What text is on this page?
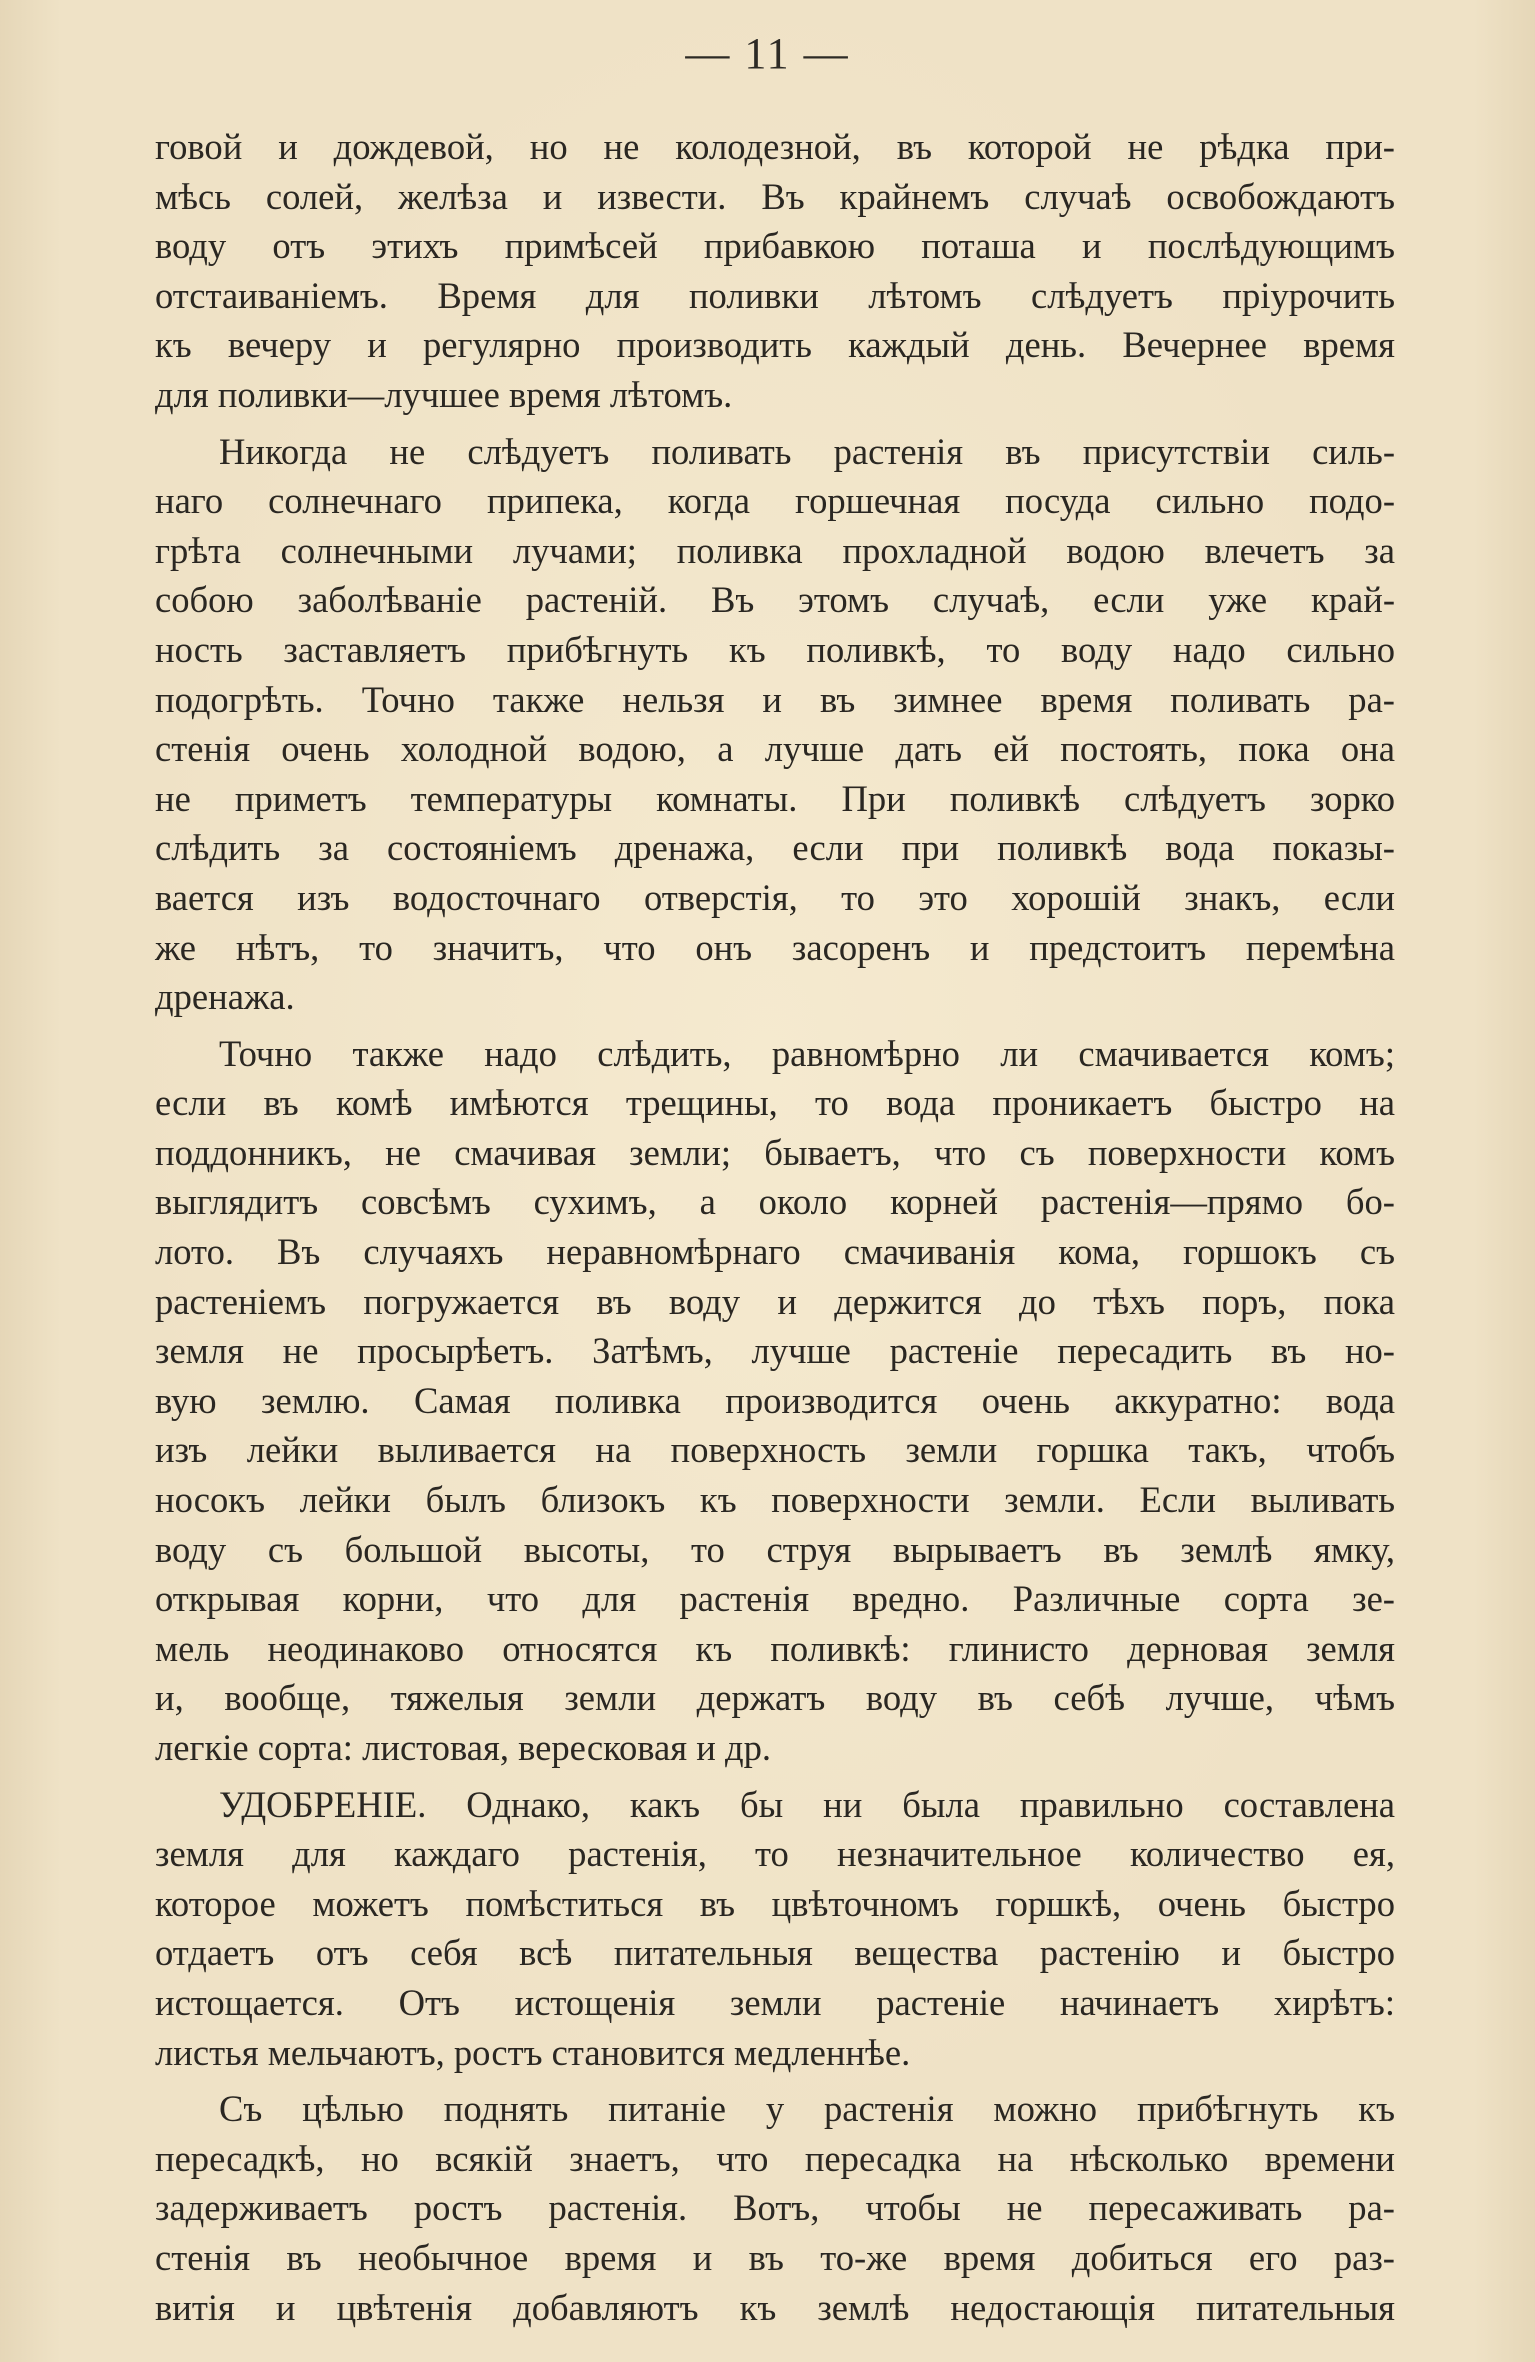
— 11 —
говой и дождевой, но не колодезной, въ которой не рѣдка при-
мѣсь солей, желѣза и извести. Въ крайнемъ случаѣ освобождаютъ
воду отъ этихъ примѣсей прибавкою поташа и послѣдующимъ
отстаиваніемъ. Время для поливки лѣтомъ слѣдуетъ пріурочить
къ вечеру и регулярно производить каждый день. Вечернее время
для поливки—лучшее время лѣтомъ.
Никогда не слѣдуетъ поливать растенія въ присутствіи силь-
наго солнечнаго припека, когда горшечная посуда сильно подо-
грѣта солнечными лучами; поливка прохладной водою влечетъ за
собою заболѣваніе растеній. Въ этомъ случаѣ, если уже край-
ность заставляетъ прибѣгнуть къ поливкѣ, то воду надо сильно
подогрѣть. Точно также нельзя и въ зимнее время поливать ра-
стенія очень холодной водою, а лучше дать ей постоять, пока она
не приметъ температуры комнаты. При поливкѣ слѣдуетъ зорко
слѣдить за состояніемъ дренажа, если при поливкѣ вода показы-
вается изъ водосточнаго отверстія, то это хорошій знакъ, если
же нѣтъ, то значитъ, что онъ засоренъ и предстоитъ перемѣна
дренажа.
Точно также надо слѣдить, равномѣрно ли смачивается комъ;
если въ комѣ имѣются трещины, то вода проникаетъ быстро на
поддонникъ, не смачивая земли; бываетъ, что съ поверхности комъ
выглядитъ совсѣмъ сухимъ, а около корней растенія—прямо бо-
лото. Въ случаяхъ неравномѣрнаго смачиванія кома, горшокъ съ
растеніемъ погружается въ воду и держится до тѣхъ поръ, пока
земля не просырѣетъ. Затѣмъ, лучше растеніе пересадить въ но-
вую землю. Самая поливка производится очень аккуратно: вода
изъ лейки выливается на поверхность земли горшка такъ, чтобъ
носокъ лейки былъ близокъ къ поверхности земли. Если выливать
воду съ большой высоты, то струя вырываетъ въ землѣ ямку,
открывая корни, что для растенія вредно. Различные сорта зе-
мель неодинаково относятся къ поливкѣ: глинисто дерновая земля
и, вообще, тяжелыя земли держатъ воду въ себѣ лучше, чѣмъ
легкіе сорта: листовая, вересковая и др.
УДОБРЕНІЕ. Однако, какъ бы ни была правильно составлена
земля для каждаго растенія, то незначительное количество ея,
которое можетъ помѣститься въ цвѣточномъ горшкѣ, очень быстро
отдаетъ отъ себя всѣ питательныя вещества растенію и быстро
истощается. Отъ истощенія земли растеніе начинаетъ хирѣтъ:
листья мельчаютъ, ростъ становится медленнѣе.
Съ цѣлью поднять питаніе у растенія можно прибѣгнуть къ
пересадкѣ, но всякій знаетъ, что пересадка на нѣсколько времени
задерживаетъ ростъ растенія. Вотъ, чтобы не пересаживать ра-
стенія въ необычное время и въ то-же время добиться его раз-
витія и цвѣтенія добавляютъ къ землѣ недостающія питательныя
